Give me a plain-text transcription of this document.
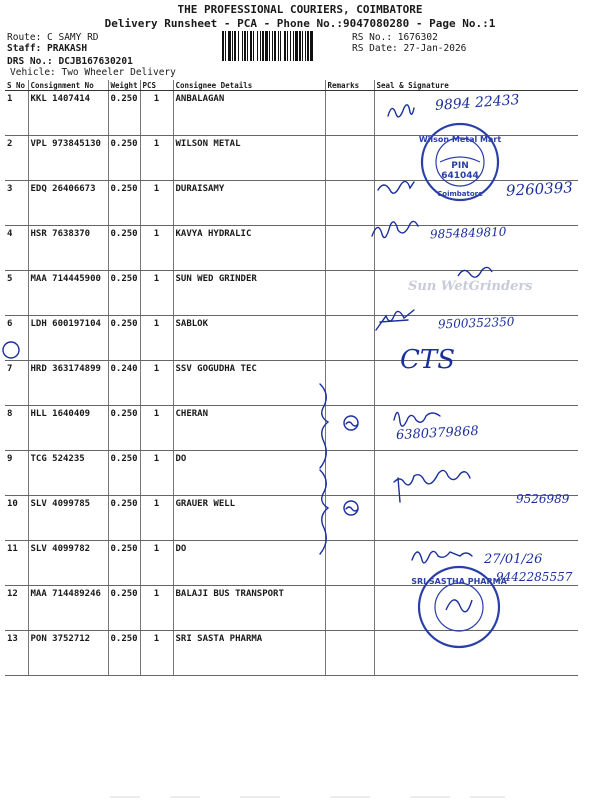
THE PROFESSIONAL COURIERS, COIMBATORE
Delivery Runsheet - PCA - Phone No.:9047080280 - Page No.:1
Route: C SAMY RD
Staff: PRAKASH
DRS No.: DCJB167630201
Vehicle: Two Wheeler Delivery
RS No.: 1676302
RS Date: 27-Jan-2026
S No	Consignment No	Weight	PCS	Consignee Details	Remarks	Seal & Signature
1	KKL 1407414	0.250	1	ANBALAGAN		
2	VPL 973845130	0.250	1	WILSON METAL		
3	EDQ 26406673	0.250	1	DURAISAMY		
4	HSR 7638370	0.250	1	KAVYA HYDRALIC		
5	MAA 714445900	0.250	1	SUN WED GRINDER		
6	LDH 600197104	0.250	1	SABLOK		
7	HRD 363174899	0.240	1	SSV GOGUDHA TEC		
8	HLL 1640409	0.250	1	CHERAN		
9	TCG 524235	0.250	1	DO		
10	SLV 4099785	0.250	1	GRAUER WELL		
11	SLV 4099782	0.250	1	DO		
12	MAA 714489246	0.250	1	BALAJI BUS TRANSPORT		
13	PON 3752712	0.250	1	SRI SASTA PHARMA		
Wilson Metal Mart
PIN
641044
Coimbatore
Sun WetGrinders
SRI SASTHA PHARMA
9894 22433
9260393
9854849810
9500352350
CTS
6380379868
9526989
27/01/26
9442285557
